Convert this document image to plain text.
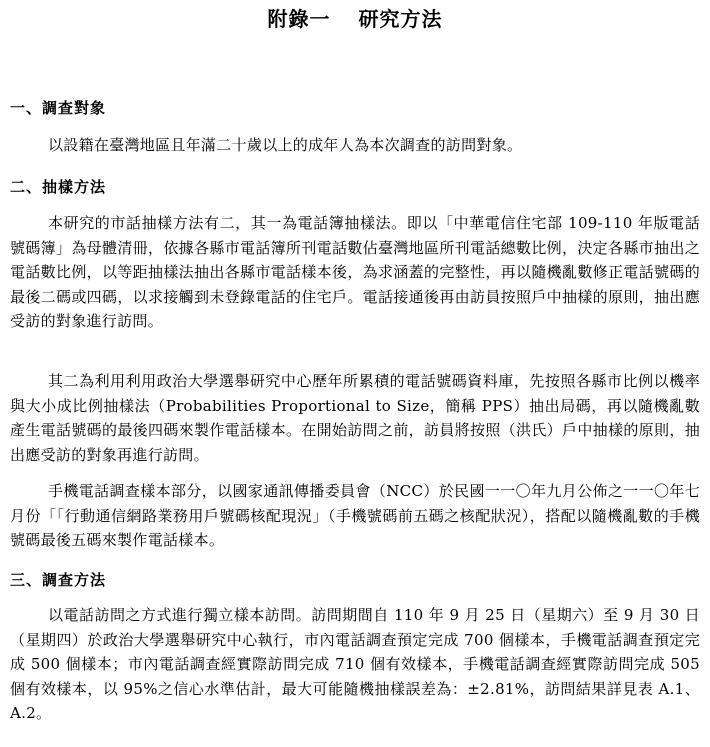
附錄一 研究方法
一、調查對象
以設籍在臺灣地區且年滿二十歲以上的成年人為本次調查的訪問對象。
二、抽樣方法
本研究的市話抽樣方法有二，其一為電話簿抽樣法。即以「中華電信住宅部 109-110 年版電話號碼簿」為母體清冊，依據各縣市電話簿所刊電話數佔臺灣地區所刊電話總數比例，決定各縣市抽出之電話數比例，以等距抽樣法抽出各縣市電話樣本後，為求涵蓋的完整性，再以隨機亂數修正電話號碼的最後二碼或四碼，以求接觸到未登錄電話的住宅戶。電話接通後再由訪員按照戶中抽樣的原則，抽出應受訪的對象進行訪問。
其二為利用利用政治大學選舉研究中心歷年所累積的電話號碼資料庫，先按照各縣市比例以機率與大小成比例抽樣法（Probabilities Proportional to Size，簡稱 PPS）抽出局碼，再以隨機亂數產生電話號碼的最後四碼來製作電話樣本。在開始訪問之前，訪員將按照（洪氏）戶中抽樣的原則，抽出應受訪的對象再進行訪問。
手機電話調查樣本部分，以國家通訊傳播委員會（NCC）於民國一一〇年九月公佈之一一〇年七月份「「行動通信網路業務用戶號碼核配現況」（手機號碼前五碼之核配狀況），搭配以隨機亂數的手機號碼最後五碼來製作電話樣本。
三、調查方法
以電話訪問之方式進行獨立樣本訪問。訪問期間自 110 年 9 月 25 日（星期六）至 9 月 30 日（星期四）於政治大學選舉研究中心執行，市內電話調查預定完成 700 個樣本，手機電話調查預定完成 500 個樣本；市內電話調查經實際訪問完成 710 個有效樣本，手機電話調查經實際訪問完成 505 個有效樣本，以 95%之信心水準估計，最大可能隨機抽樣誤差為：±2.81%，訪問結果詳見表 A.1、A.2。
